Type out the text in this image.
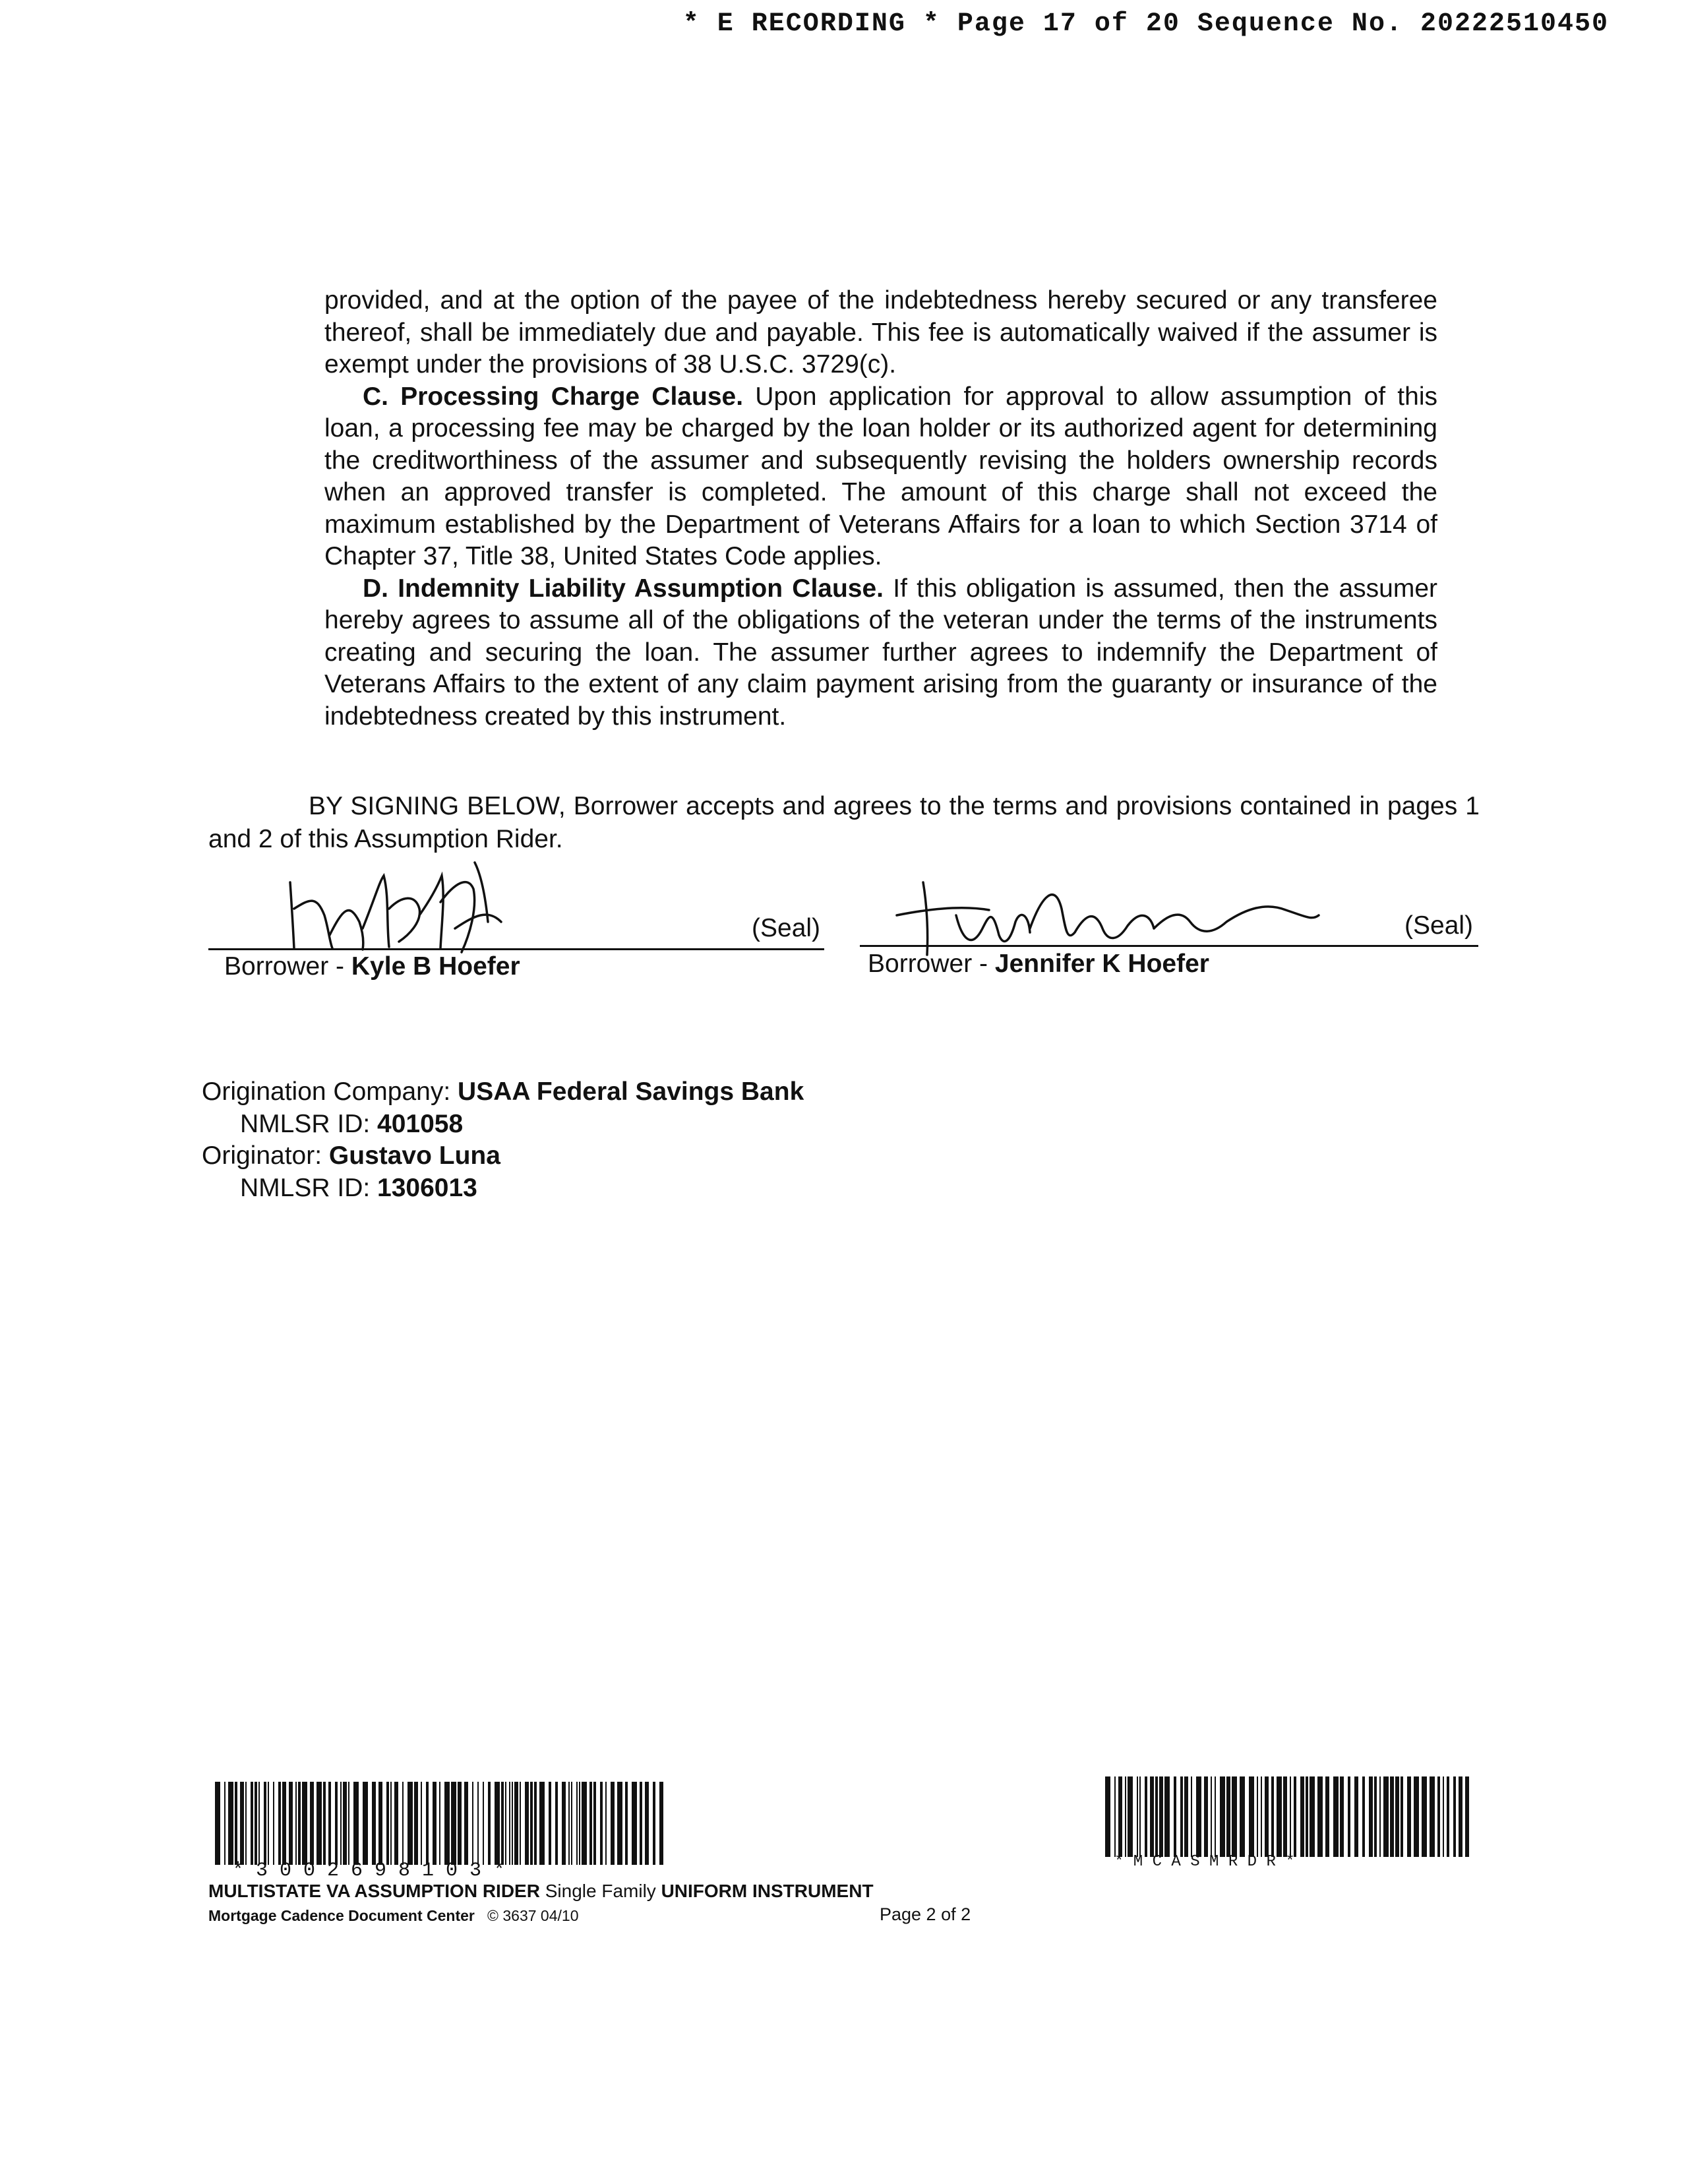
* E RECORDING * Page 17 of 20 Sequence No. 20222510450

provided, and at the option of the payee of the indebtedness hereby secured or any transferee thereof, shall be immediately due and payable. This fee is automatically waived if the assumer is exempt under the provisions of 38 U.S.C. 3729(c).

C. Processing Charge Clause. Upon application for approval to allow assumption of this loan, a processing fee may be charged by the loan holder or its authorized agent for determining the creditworthiness of the assumer and subsequently revising the holders ownership records when an approved transfer is completed. The amount of this charge shall not exceed the maximum established by the Department of Veterans Affairs for a loan to which Section 3714 of Chapter 37, Title 38, United States Code applies.

D. Indemnity Liability Assumption Clause. If this obligation is assumed, then the assumer hereby agrees to assume all of the obligations of the veteran under the terms of the instruments creating and securing the loan. The assumer further agrees to indemnify the Department of Veterans Affairs to the extent of any claim payment arising from the guaranty or insurance of the indebtedness created by this instrument.

BY SIGNING BELOW, Borrower accepts and agrees to the terms and provisions contained in pages 1 and 2 of this Assumption Rider.

(Seal)
Borrower - Kyle B Hoefer
(Seal)
Borrower - Jennifer K Hoefer
Origination Company: USAA Federal Savings Bank
NMLSR ID: 401058
Originator: Gustavo Luna
NMLSR ID: 1306013
* 3 0 0 2 6 9 8 1 0 3 *	* M C A S M R D R *
MULTISTATE VA ASSUMPTION RIDER Single Family UNIFORM INSTRUMENT
Mortgage Cadence Document Center © 3637 04/10	Page 2 of 2
